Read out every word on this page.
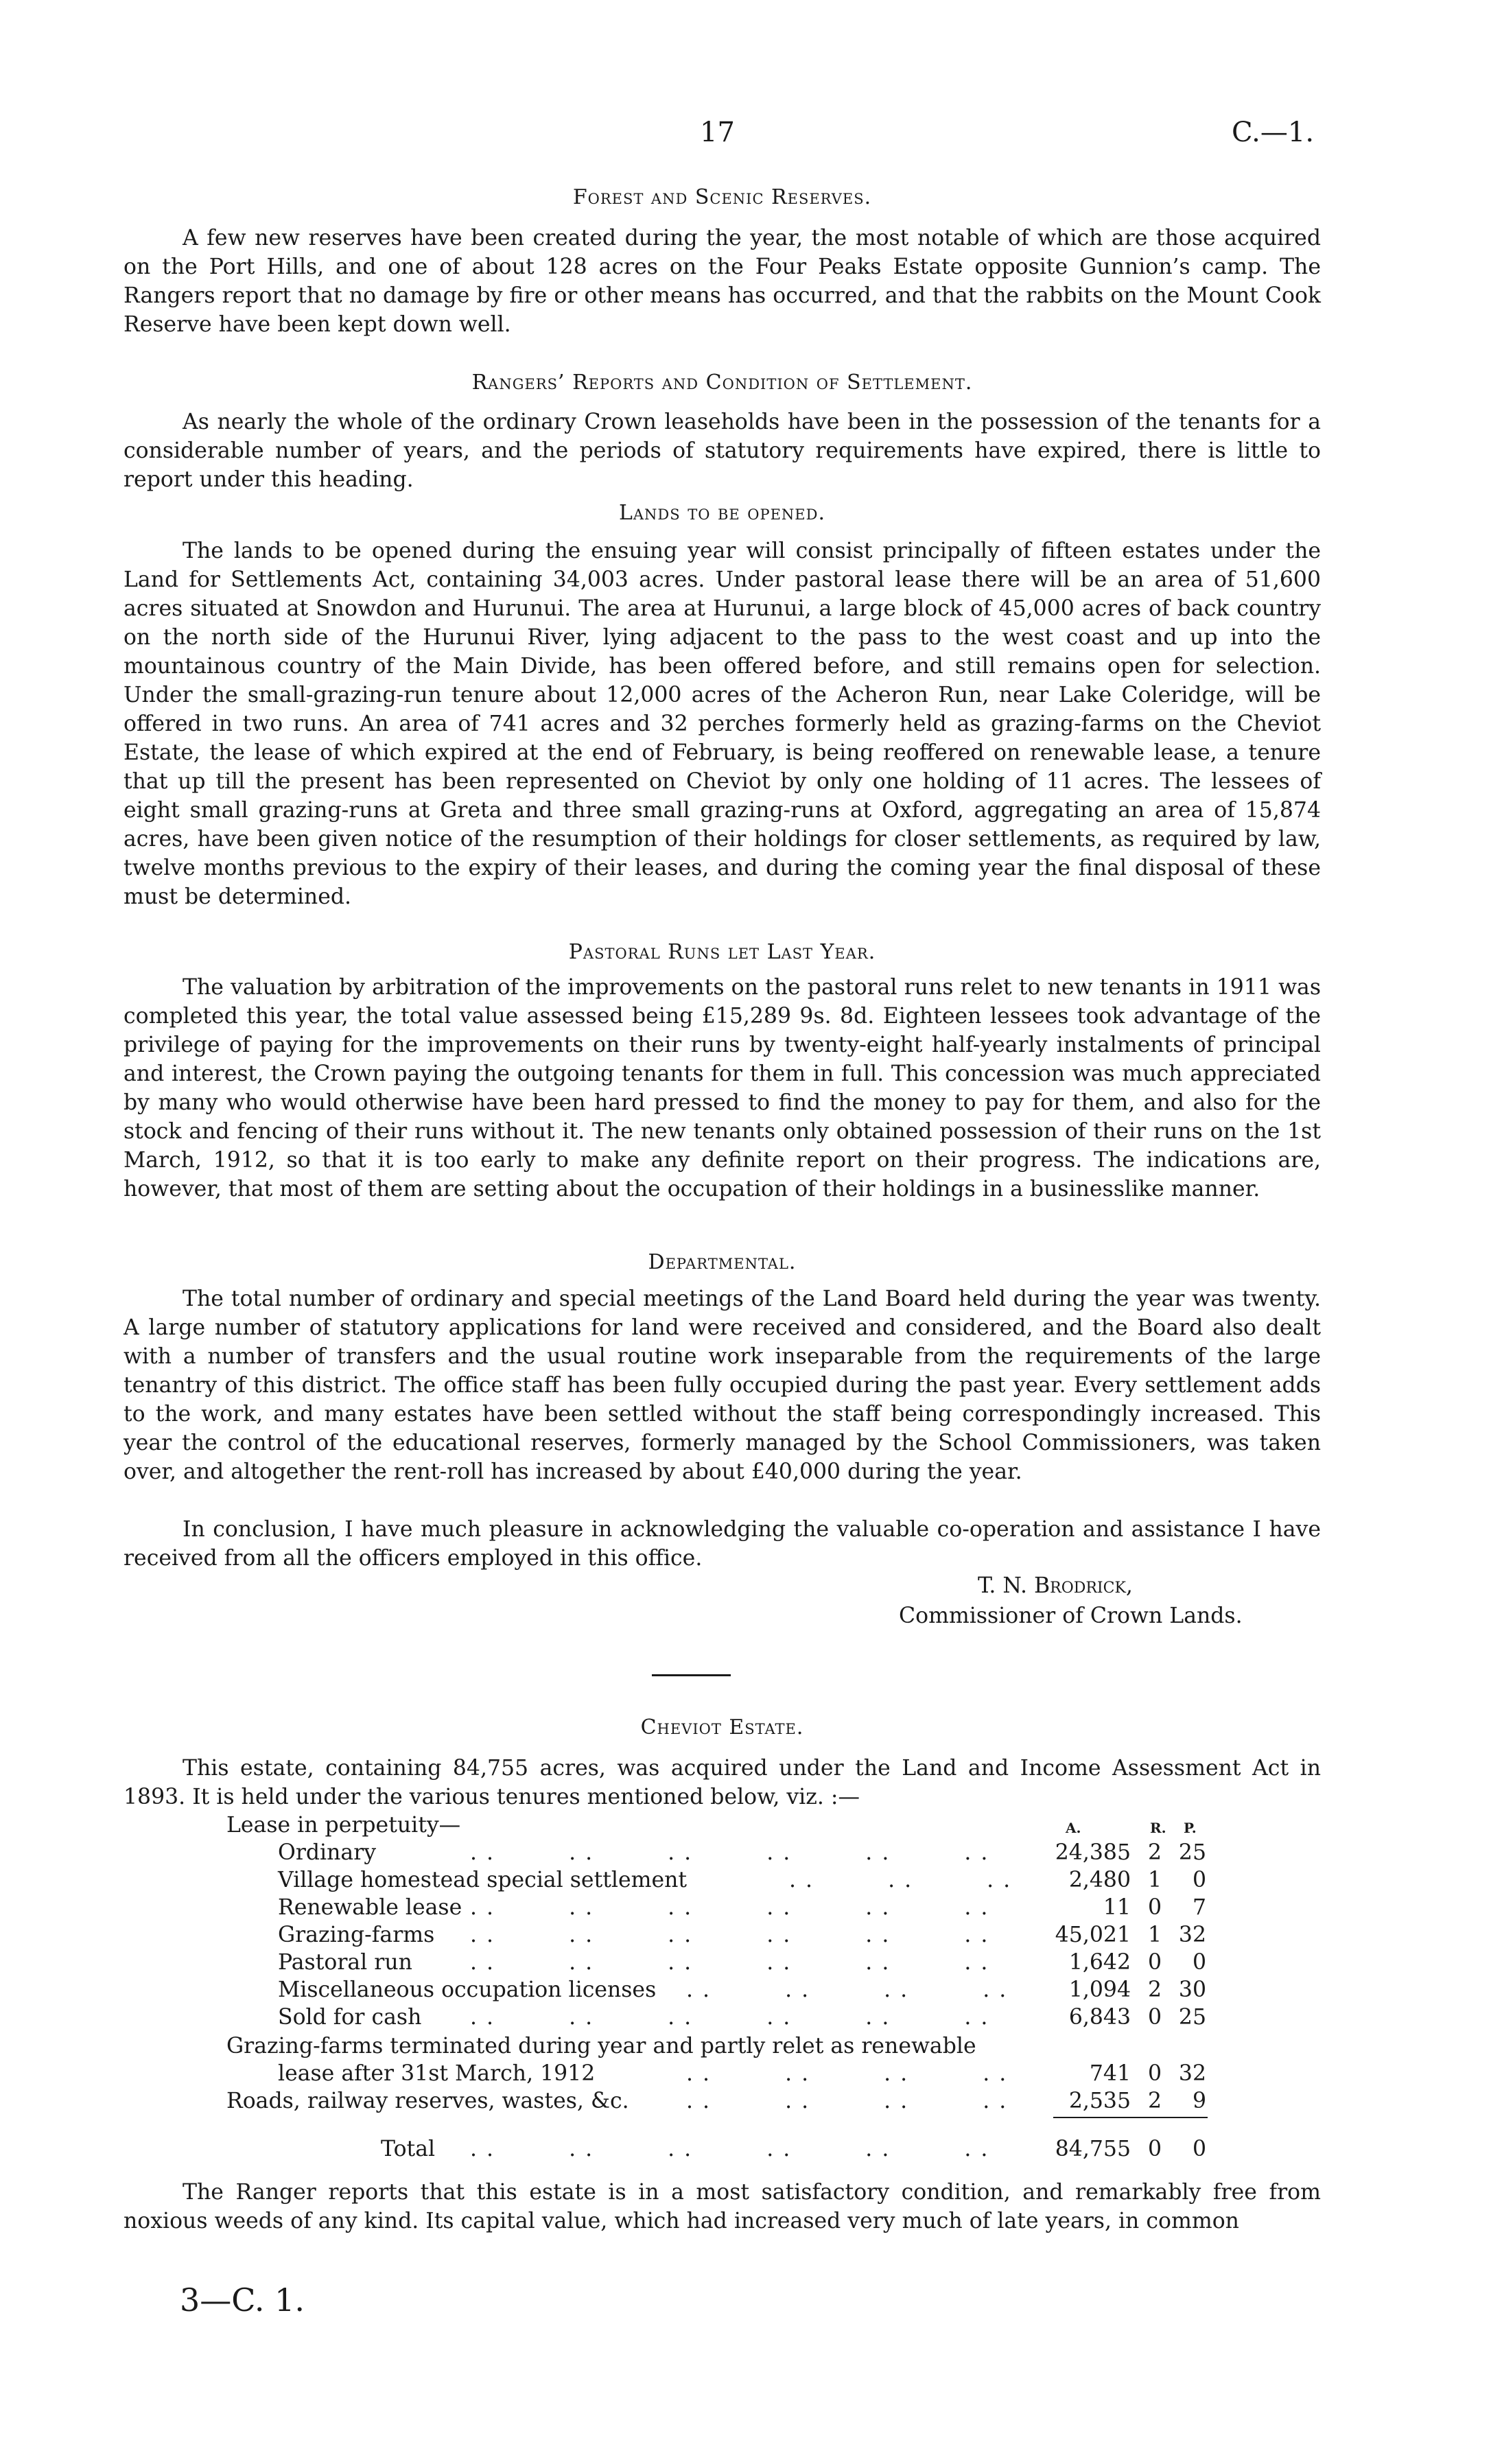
17	C.—1.
Forest and Scenic Reserves.

A few new reserves have been created during the year, the most notable of which are those acquired on the Port Hills, and one of about 128 acres on the Four Peaks Estate opposite Gunnion’s camp. The Rangers report that no damage by fire or other means has occurred, and that the rabbits on the Mount Cook Reserve have been kept down well.

Rangers’ Reports and Condition of Settlement.

As nearly the whole of the ordinary Crown leaseholds have been in the possession of the tenants for a considerable number of years, and the periods of statutory requirements have expired, there is little to report under this heading.

Lands to be opened.

The lands to be opened during the ensuing year will consist principally of fifteen estates under the Land for Settlements Act, containing 34,003 acres. Under pastoral lease there will be an area of 51,600 acres situated at Snowdon and Hurunui. The area at Hurunui, a large block of 45,000 acres of back country on the north side of the Hurunui River, lying adjacent to the pass to the west coast and up into the mountainous country of the Main Divide, has been offered before, and still remains open for selection. Under the small-grazing-run tenure about 12,000 acres of the Acheron Run, near Lake Coleridge, will be offered in two runs. An area of 741 acres and 32 perches formerly held as grazing-farms on the Cheviot Estate, the lease of which expired at the end of February, is being reoffered on renewable lease, a tenure that up till the present has been represented on Cheviot by only one holding of 11 acres. The lessees of eight small grazing-runs at Greta and three small grazing-runs at Oxford, aggregating an area of 15,874 acres, have been given notice of the resumption of their holdings for closer settlements, as required by law, twelve months previous to the expiry of their leases, and during the coming year the final disposal of these must be determined.

Pastoral Runs let Last Year.

The valuation by arbitration of the improvements on the pastoral runs relet to new tenants in 1911 was completed this year, the total value assessed being £15,289 9s. 8d. Eighteen lessees took advantage of the privilege of paying for the improvements on their runs by twenty-eight half-yearly instalments of principal and interest, the Crown paying the outgoing tenants for them in full. This concession was much appreciated by many who would otherwise have been hard pressed to find the money to pay for them, and also for the stock and fencing of their runs without it. The new tenants only obtained possession of their runs on the 1st March, 1912, so that it is too early to make any definite report on their progress. The indications are, however, that most of them are setting about the occupation of their holdings in a businesslike manner.

Departmental.

The total number of ordinary and special meetings of the Land Board held during the year was twenty. A large number of statutory applications for land were received and considered, and the Board also dealt with a number of transfers and the usual routine work inseparable from the requirements of the large tenantry of this district. The office staff has been fully occupied during the past year. Every settlement adds to the work, and many estates have been settled without the staff being correspondingly increased. This year the control of the educational reserves, formerly managed by the School Commissioners, was taken over, and altogether the rent-roll has increased by about £40,000 during the year.

In conclusion, I have much pleasure in acknowledging the valuable co-operation and assistance I have received from all the officers employed in this office.

T. N. Brodrick,
Commissioner of Crown Lands.
Cheviot Estate.

This estate, containing 84,755 acres, was acquired under the Land and Income Assessment Act in 1893. It is held under the various tenures mentioned below, viz. :—

A.	R. P.
Lease in perpetuity—
Ordinary	..    ..    ..    ..    ..    ..	24,385 2 25
Village homestead special settlement	..    ..    ..	2,480 1	0
Renewable lease ..    ..    ..    ..    ..    ..	11 0	7
Grazing-farms ..    ..    ..    ..    ..    ..	45,021 1 32
Pastoral run	..    ..    ..    ..    ..    ..	1,642 0	0
Miscellaneous occupation licenses ..    ..    ..    ..	1,094 2 30
Sold for cash ..    ..    ..    ..    ..    ..	6,843 0 25
Grazing-farms terminated during year and partly relet as renewable
lease after 31st March, 1912	..    ..    ..    ..	741 0 32
Roads, railway reserves, wastes, &c.	..    ..    ..    ..	2,535 2	9
Total ..    ..    ..    ..    ..    ..	84,755 0	0

The Ranger reports that this estate is in a most satisfactory condition, and remarkably free from noxious weeds of any kind. Its capital value, which had increased very much of late years, in common

3—C. 1.
